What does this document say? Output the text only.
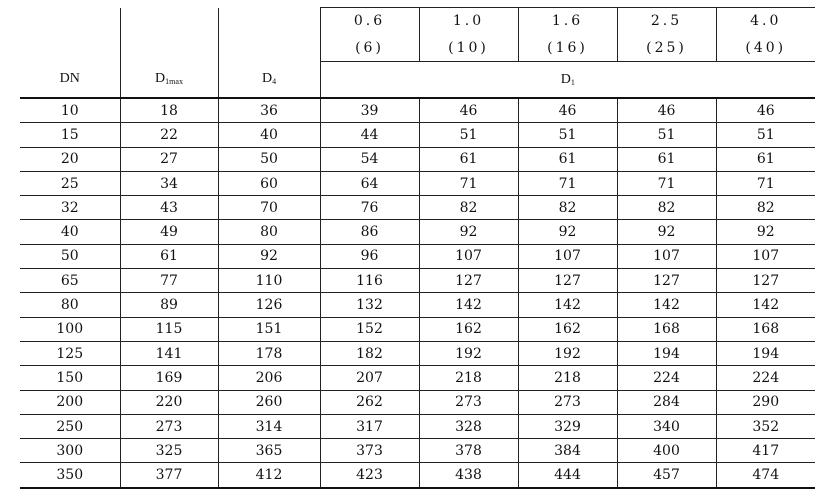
			0.6	1.0	1.6	2.5	4.0
			(6)	(10)	(16)	(25)	(40)
DN	$D_{1max}$	$D_4$	$D_1$
10	18	36	39	46	46	46	46
15	22	40	44	51	51	51	51
20	27	50	54	61	61	61	61
25	34	60	64	71	71	71	71
32	43	70	76	82	82	82	82
40	49	80	86	92	92	92	92
50	61	92	96	107	107	107	107
65	77	110	116	127	127	127	127
80	89	126	132	142	142	142	142
100	115	151	152	162	162	168	168
125	141	178	182	192	192	194	194
150	169	206	207	218	218	224	224
200	220	260	262	273	273	284	290
250	273	314	317	328	329	340	352
300	325	365	373	378	384	400	417
350	377	412	423	438	444	457	474
